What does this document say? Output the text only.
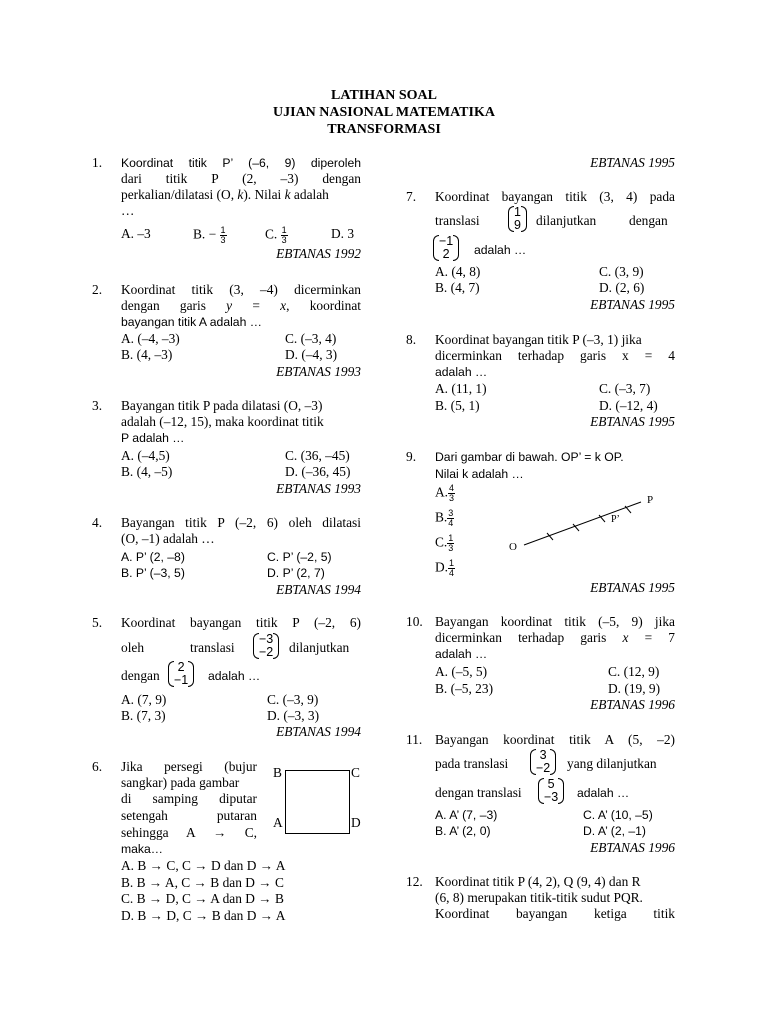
LATIHAN SOAL
UJIAN NASIONAL MATEMATIKA
TRANSFORMASI
1. Koordinat titik P’ (–6, 9) diperoleh
dari titik P (2, –3) dengan
perkalian/dilatasi (O, k). Nilai k adalah
…
A. –3	B. − $\frac{1}{3}$	C. $\frac{1}{3}$	D. 3
EBTANAS 1992
2. Koordinat titik (3, –4) dicerminkan
dengan garis y = x, koordinat
bayangan titik A adalah …
A. (–4, –3)	C. (–3, 4)
B. (4, –3)	D. (–4, 3)
EBTANAS 1993
3. Bayangan titik P pada dilatasi (O, –3)
adalah (–12, 15), maka koordinat titik
P adalah …
A. (–4,5)	C. (36, –45)
B. (4, –5)	D. (–36, 45)
EBTANAS 1993
4. Bayangan titik P (–2, 6) oleh dilatasi
(O, –1) adalah …
A. P’ (2, –8)	C. P’ (–2, 5)
B. P’ (–3, 5)	D. P’ (2, 7)
EBTANAS 1994
5. Koordinat bayangan titik P (–2, 6)
oleh	translasi
−3
−2 dilanjutkan
dengan
2
−1 adalah …
A. (7, 9)	C. (–3, 9)
B. (7, 3)	D. (–3, 3)
EBTANAS 1994
6. Jika persegi (bujur
sangkar) pada gambar
di samping diputar
setengah putaran
sehingga A → C,
maka…
A. B → C, C → D dan D → A
B. B → A, C → B dan D → C
C. B → D, C → A dan D → B
D. B → D, C → B dan D → A
B	C
A	D
EBTANAS 1995
7. Koordinat bayangan titik (3, 4) pada
translasi
1
9 dilanjutkan dengan
−1
2 adalah …
A. (4, 8)	C. (3, 9)
B. (4, 7)	D. (2, 6)
EBTANAS 1995
8. Koordinat bayangan titik P (–3, 1) jika
dicerminkan terhadap garis x = 4
adalah …
A. (11, 1)	C. (–3, 7)
B. (5, 1)	D. (–12, 4)
EBTANAS 1995
9. Dari gambar di bawah. OP’ = k OP.
Nilai k adalah …
A. $\frac{4}{3}$
B. $\frac{3}{4}$
C. $\frac{1}{3}$
D. $\frac{1}{4}$
O
P
P’
EBTANAS 1995
10. Bayangan koordinat titik (–5, 9) jika
dicerminkan terhadap garis x = 7
adalah …
A. (–5, 5)	C. (12, 9)
B. (–5, 23)	D. (19, 9)
EBTANAS 1996
11. Bayangan koordinat titik A (5, –2)
pada translasi
3
−2 yang dilanjutkan
dengan translasi
5
−3 adalah …
A. A’ (7, –3)	C. A’ (10, –5)
B. A’ (2, 0)	D. A’ (2, –1)
EBTANAS 1996
12. Koordinat titik P (4, 2), Q (9, 4) dan R
(6, 8) merupakan titik-titik sudut PQR.
Koordinat bayangan ketiga titik
